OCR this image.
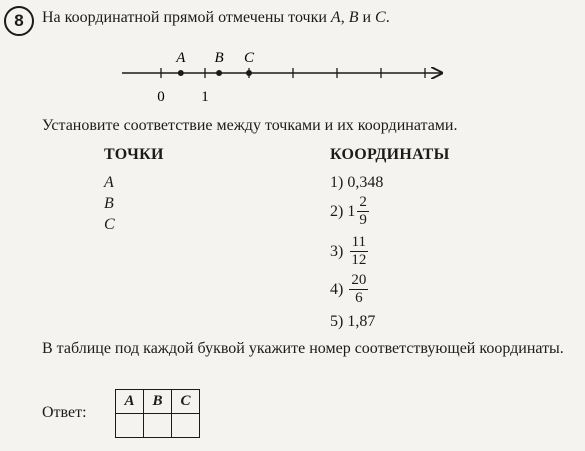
8	На координатной прямой отмечены точки A, B и C.
0 1
A B C
Установите соответствие между точками и их координатами.
ТОЧКИ
A
B
C
КООРДИНАТЫ
1)
0,348
2)
$1 \frac{2}{9}$
3)
$\frac{11}{12}$
4)
$\frac{20}{6}$
5)
1,87
В таблице под каждой буквой укажите номер соответствующей координаты.
Ответ:
A	B	C
